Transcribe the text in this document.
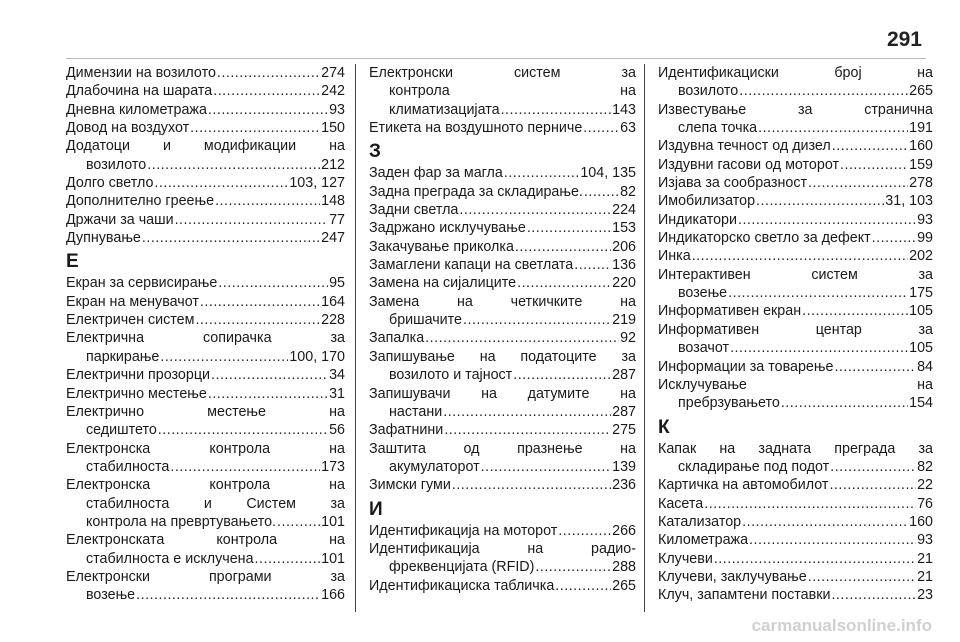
291
Димензии на возилото .....	274
Длабочина на шарата .....	242
Дневна километража .....	93
Довод на воздухот .....	150
Додатоци и модификации на
возилото .....	212
Долго светло .....	103, 127
Дополнително греење .....	148
Држачи за чаши .....	77
Дупнување .....	247
Е
Екран за сервисирање .....	95
Екран на менувачот .....	164
Електричен систем .....	228
Електрична сопирачка за
паркирање .....	100, 170
Електрични прозорци .....	34
Електрично местење .....	31
Електрично местење на
седиштето .....	56
Електронска контрола на
стабилноста .....	173
Електронска контрола на
стабилноста и Систем за
контрола на превртувањето. .....	101
Електронската контрола на
стабилноста е исклучена .....	101
Електронски програми за
возење .....	166
Електронски систем за
контрола на
климатизацијата .....	143
Етикета на воздушното перниче .....	63
З
Заден фар за магла .....	104, 135
Задна преграда за складирање. .....	82
Задни светла .....	224
Задржано исклучување .....	153
Закачување приколка .....	206
Замаглени капаци на светлата .....	136
Замена на сијалиците .....	220
Замена на четкичките на
бришачите .....	219
Запалка .....	92
Запишување на податоците за
возилото и тајност .....	287
Запишувачи на датумите на
настани .....	287
Зафатнини .....	275
Заштита од празнење на
акумулаторот .....	139
Зимски гуми .....	236
И
Идентификација на моторот .....	266
Идентификација на радио-
фреквенцијата (RFID) .....	288
Идентификациска табличка .....	265
Идентификациски број на
возилото .....	265
Известување за странична
слепа точка .....	191
Издувна течност од дизел .....	160
Издувни гасови од моторот .....	159
Изјава за сообразност .....	278
Имобилизатор .....	31, 103
Индикатори .....	93
Индикаторско светло за дефект .....	99
Инка .....	202
Интерактивен систем за
возење .....	175
Информативен екран .....	105
Информативен центар за
возачот .....	105
Информации за товарење .....	84
Исклучување на
пребрзувањето .....	154
К
Капак на задната преграда за
складирање под подот .....	82
Картичка на автомобилот .....	22
Касета .....	76
Катализатор .....	160
Километража .....	93
Клучеви .....	21
Клучеви, заклучување .....	21
Клуч, запамтени поставки .....	23
carmanualsonline.info
